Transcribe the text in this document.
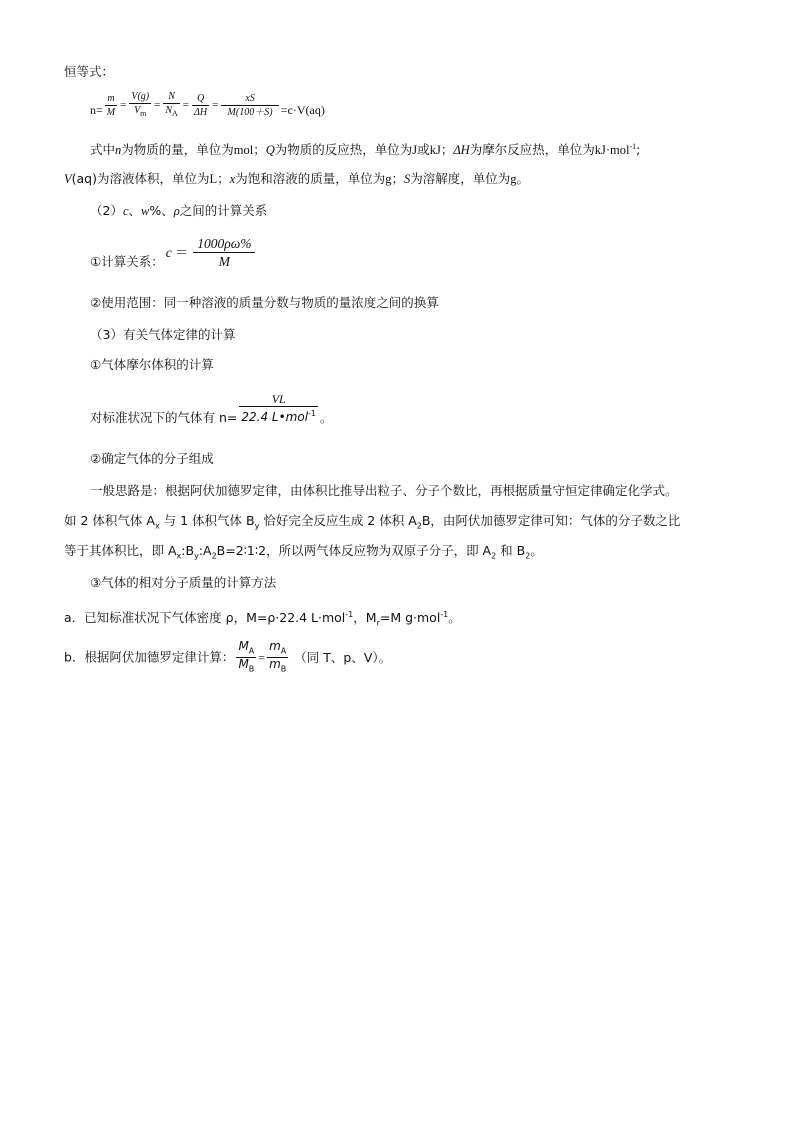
恒等式：
$n= \frac{m}{M} = \frac{V(g)}{V_m} = \frac{N}{N_A} = \frac{Q}{\Delta H} = \frac{xS}{M(100+S)} =c\cdot V(aq)$
式中n为物质的量，单位为mol；Q为物质的反应热，单位为J或kJ；ΔH为摩尔反应热，单位为kJ·mol$^{-1}$;
V(aq)为溶液体积，单位为L；x为饱和溶液的质量，单位为g；S为溶解度，单位为g。
（2）c、w%、ρ之间的计算关系
①计算关系：$c = \frac{1000\rho\omega\%}{M}$
②使用范围：同一种溶液的质量分数与物质的量浓度之间的换算
（3）有关气体定律的计算
①气体摩尔体积的计算
对标准状况下的气体有 $n= \frac{VL}{22.4 L•mol^{-1}}$ 。
②确定气体的分子组成
一般思路是：根据阿伏加德罗定律，由体积比推导出粒子、分子个数比，再根据质量守恒定律确定化学式。
如 2 体积气体 $A_x$ 与 1 体积气体 $B_y$ 恰好完全反应生成 2 体积 $A_2B$，由阿伏加德罗定律可知：气体的分子数之比
等于其体积比，即 $A_x:B_y:A_2B=2∶1∶2$，所以两气体反应物为双原子分子，即 $A_2$ 和 $B_2$。
③气体的相对分子质量的计算方法
a．已知标准状况下气体密度 ρ，M=ρ·22.4 L·mol$^{-1}$，$M_r=M$ g·mol$^{-1}$。
b．根据阿伏加德罗定律计算： $\frac{M_A}{M_B} = \frac{m_A}{m_B}$ （同 T、p、V）。
